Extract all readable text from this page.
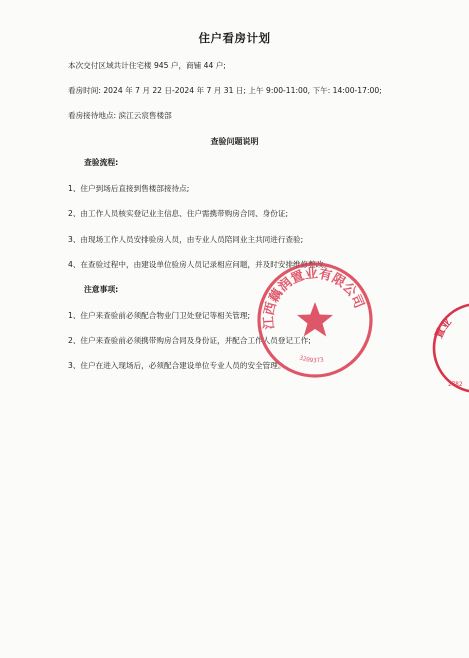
住户看房计划
本次交付区域共计住宅楼 945 户，商铺 44 户;
看房时间: 2024 年 7 月 22 日-2024 年 7 月 31 日; 上午 9:00-11:00, 下午: 14:00-17:00;
看房接待地点: 滨江云宸售楼部
查验问题说明
查验流程:
1、住户到场后直接到售楼部接待点;
2、由工作人员核实登记业主信息、住户需携带购房合同、身份证;
3、由现场工作人员安排验房人员，由专业人员陪同业主共同进行查验;
4、在查验过程中，由建设单位验房人员记录相应问题，并及时安排维修整改。
注意事项:
1、住户来查验前必须配合物业门卫处登记等相关管理;
2、住户来查验前必须携带购房合同及身份证，并配合工作人员登记工作;
3、住户在进入现场后，必须配合建设单位专业人员的安全管理。
江西藕润置业有限公司
3209373
置业
2782
